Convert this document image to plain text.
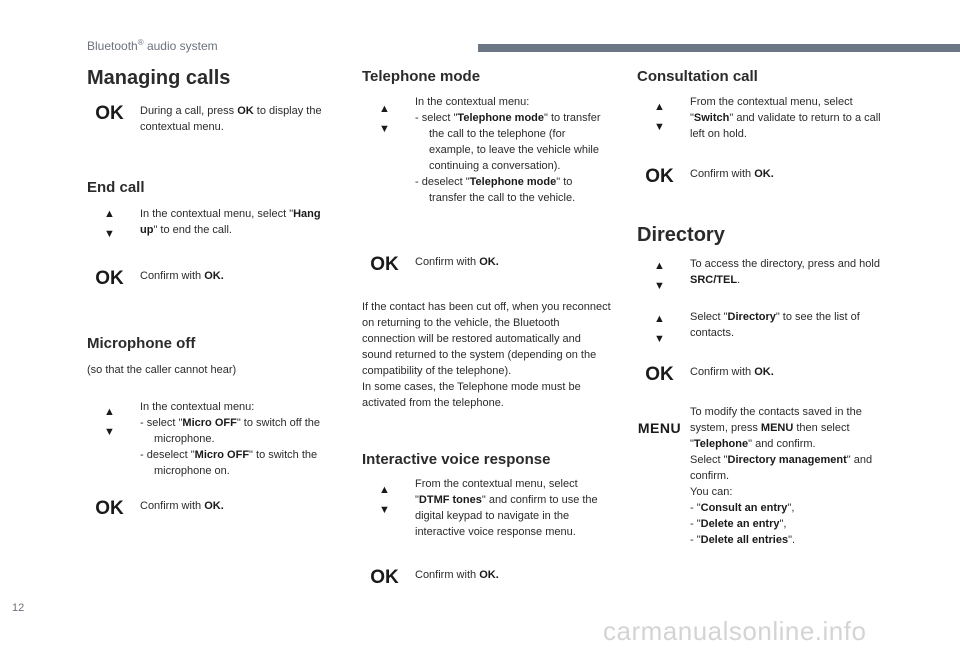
Bluetooth® audio system
Managing calls
OK	During a call, press OK to display the contextual menu.
End call
▲
▼
In the contextual menu, select "Hang up" to end the call.
OK	Confirm with OK.
Microphone off
(so that the caller cannot hear)
▲
▼
In the contextual menu:
- select "Micro OFF" to switch off the microphone.
- deselect "Micro OFF" to switch the microphone on.
OK	Confirm with OK.
Telephone mode
▲
▼
In the contextual menu:
- select "Telephone mode" to transfer the call to the telephone (for example, to leave the vehicle while continuing a conversation).
- deselect "Telephone mode" to transfer the call to the vehicle.
OK	Confirm with OK.
If the contact has been cut off, when you reconnect on returning to the vehicle, the Bluetooth connection will be restored automatically and sound returned to the system (depending on the compatibility of the telephone).
In some cases, the Telephone mode must be activated from the telephone.
Interactive voice response
▲
▼
From the contextual menu, select "DTMF tones" and confirm to use the digital keypad to navigate in the interactive voice response menu.
OK	Confirm with OK.
Consultation call
▲
▼
From the contextual menu, select "Switch" and validate to return to a call left on hold.
OK	Confirm with OK.
Directory
▲
▼
To access the directory, press and hold SRC/TEL.
▲
▼
Select "Directory" to see the list of contacts.
OK	Confirm with OK.
MENU
To modify the contacts saved in the system, press MENU then select "Telephone" and confirm.
Select "Directory management" and confirm.
You can:
- "Consult an entry",
- "Delete an entry",
- "Delete all entries".
12
carmanualsonline.info
